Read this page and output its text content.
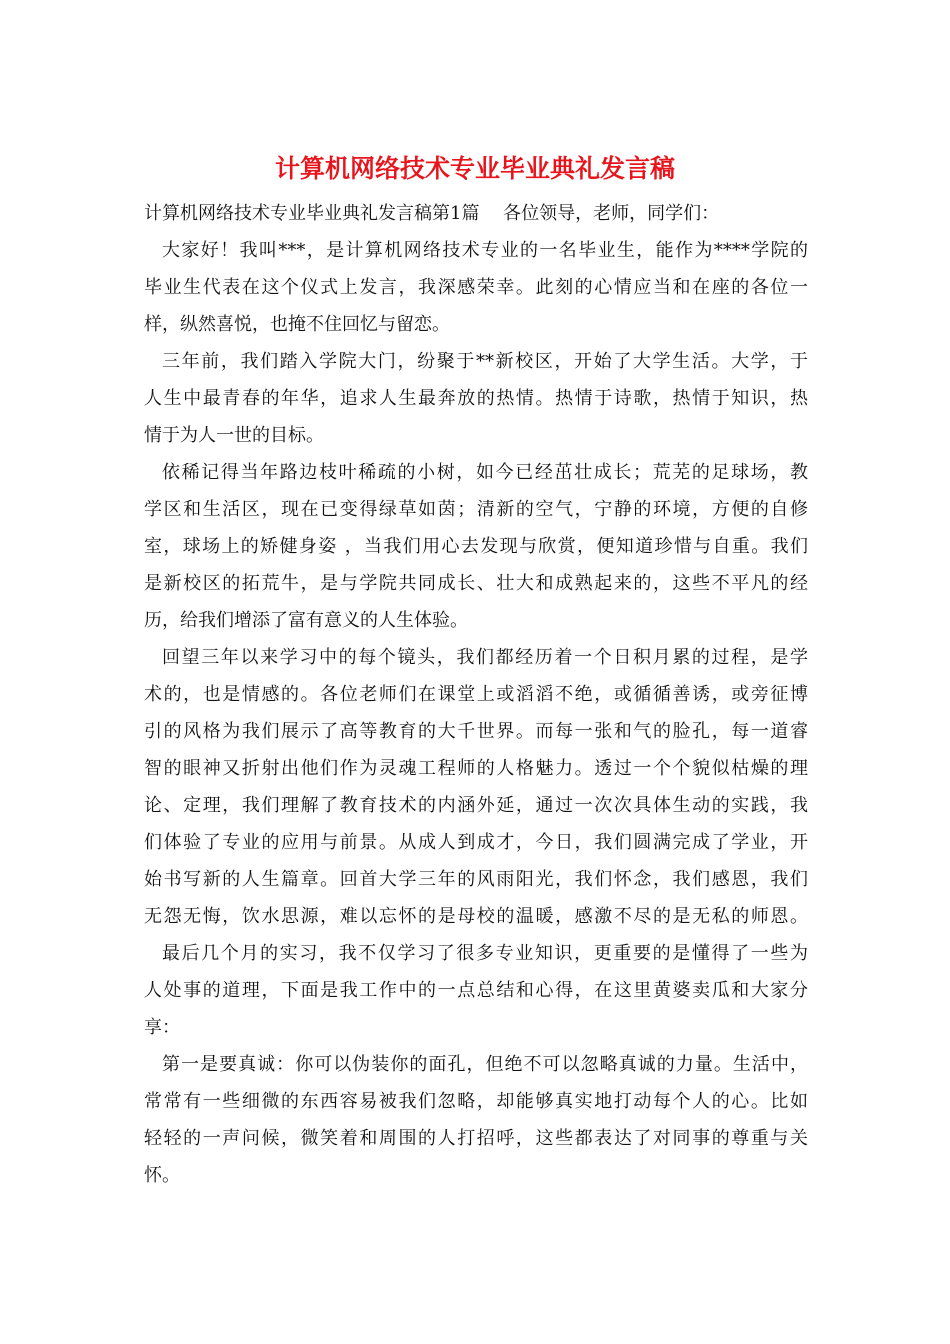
计算机网络技术专业毕业典礼发言稿
计算机网络技术专业毕业典礼发言稿第1篇　 各位领导，老师，同学们：
大家好！我叫***，是计算机网络技术专业的一名毕业生，能作为****学院的
毕业生代表在这个仪式上发言，我深感荣幸。此刻的心情应当和在座的各位一
样，纵然喜悦，也掩不住回忆与留恋。
三年前，我们踏入学院大门，纷聚于**新校区，开始了大学生活。大学，于
人生中最青春的年华，追求人生最奔放的热情。热情于诗歌，热情于知识，热
情于为人一世的目标。
依稀记得当年路边枝叶稀疏的小树，如今已经茁壮成长；荒芜的足球场，教
学区和生活区，现在已变得绿草如茵；清新的空气，宁静的环境，方便的自修
室，球场上的矫健身姿 ，当我们用心去发现与欣赏，便知道珍惜与自重。我们
是新校区的拓荒牛，是与学院共同成长、壮大和成熟起来的，这些不平凡的经
历，给我们增添了富有意义的人生体验。
回望三年以来学习中的每个镜头，我们都经历着一个日积月累的过程，是学
术的，也是情感的。各位老师们在课堂上或滔滔不绝，或循循善诱，或旁征博
引的风格为我们展示了高等教育的大千世界。而每一张和气的脸孔，每一道睿
智的眼神又折射出他们作为灵魂工程师的人格魅力。透过一个个貌似枯燥的理
论、定理，我们理解了教育技术的内涵外延，通过一次次具体生动的实践，我
们体验了专业的应用与前景。从成人到成才，今日，我们圆满完成了学业，开
始书写新的人生篇章。回首大学三年的风雨阳光，我们怀念，我们感恩，我们
无怨无悔，饮水思源，难以忘怀的是母校的温暖，感激不尽的是无私的师恩。
最后几个月的实习，我不仅学习了很多专业知识，更重要的是懂得了一些为
人处事的道理，下面是我工作中的一点总结和心得，在这里黄婆卖瓜和大家分
享：
第一是要真诚：你可以伪装你的面孔，但绝不可以忽略真诚的力量。生活中，
常常有一些细微的东西容易被我们忽略，却能够真实地打动每个人的心。比如
轻轻的一声问候，微笑着和周围的人打招呼，这些都表达了对同事的尊重与关
怀。
